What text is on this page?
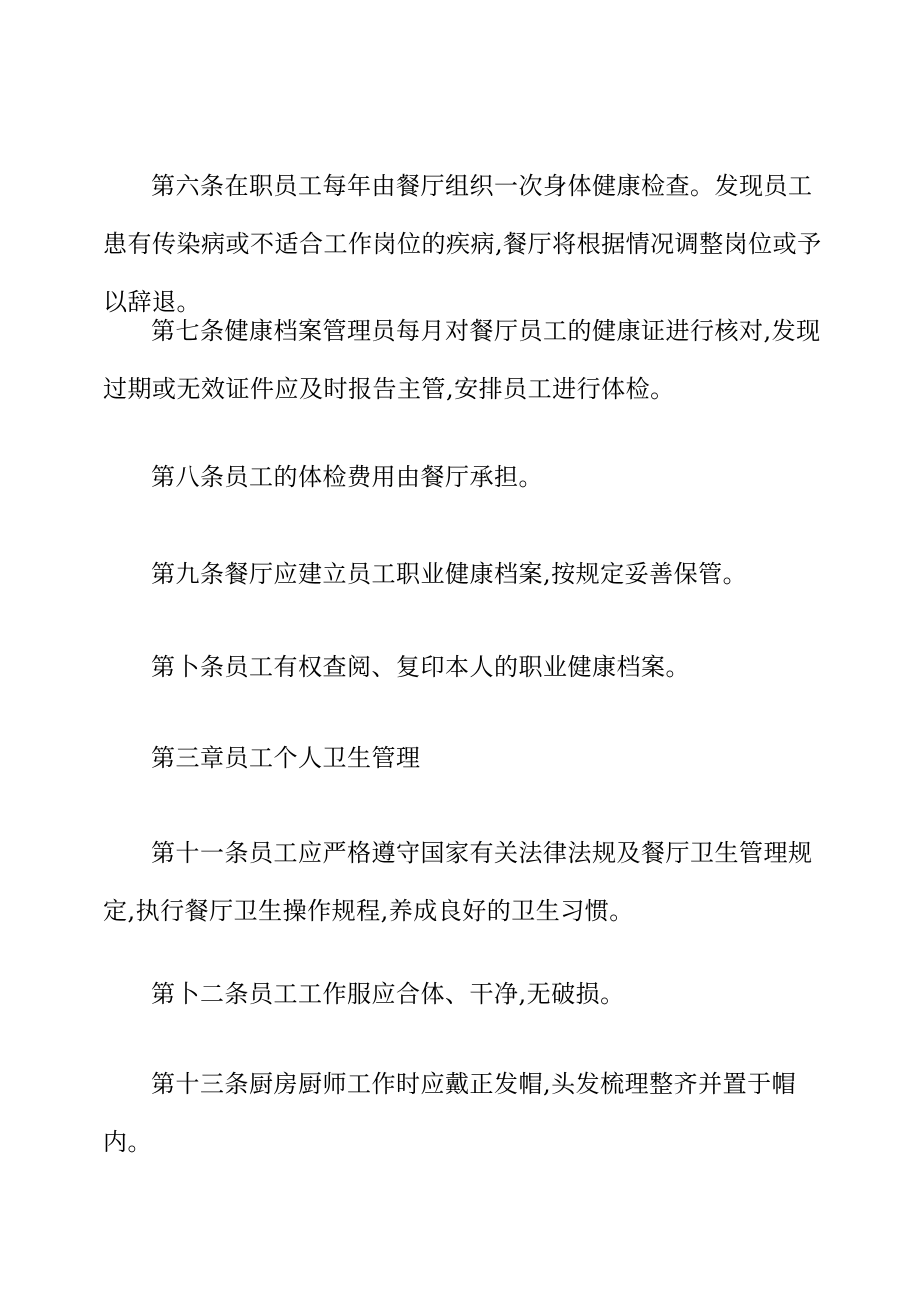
第六条在职员工每年由餐厅组织一次身体健康检查。发现员工患有传染病或不适合工作岗位的疾病,餐厅将根据情况调整岗位或予以辞退。

第七条健康档案管理员每月对餐厅员工的健康证进行核对,发现过期或无效证件应及时报告主管,安排员工进行体检。

第八条员工的体检费用由餐厅承担。

第九条餐厅应建立员工职业健康档案,按规定妥善保管。

第卜条员工有权查阅、复印本人的职业健康档案。

第三章员工个人卫生管理

第十一条员工应严格遵守国家有关法律法规及餐厅卫生管理规定,执行餐厅卫生操作规程,养成良好的卫生习惯。

第卜二条员工工作服应合体、干净,无破损。

第十三条厨房厨师工作时应戴正发帽,头发梳理整齐并置于帽内。
